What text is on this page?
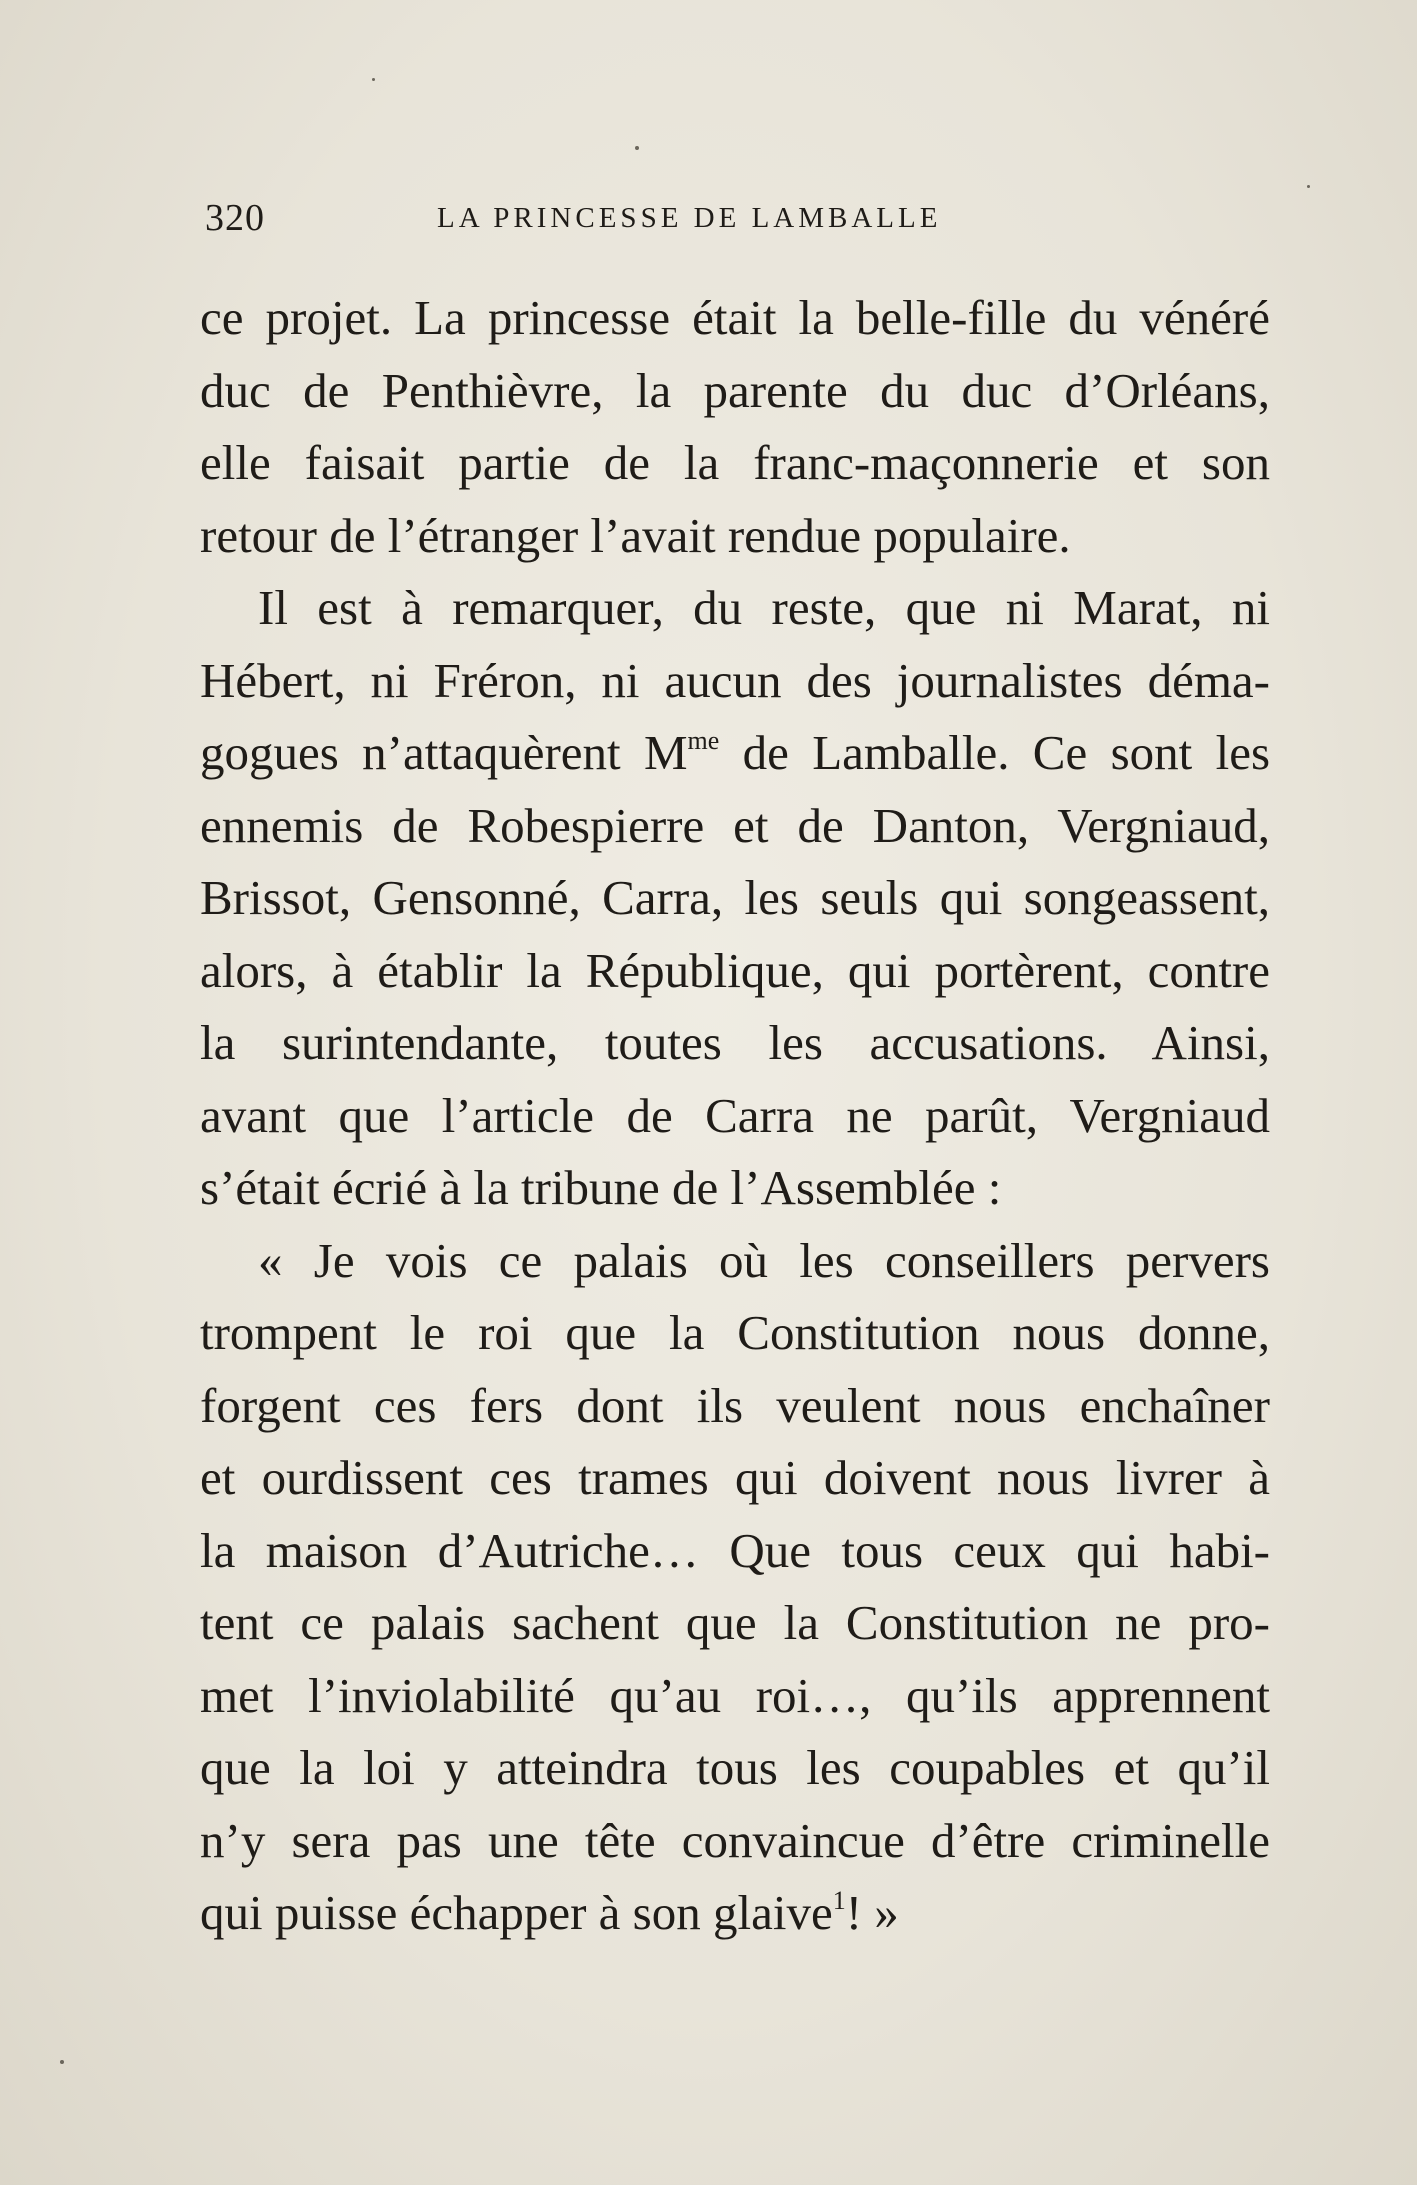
320	LA PRINCESSE DE LAMBALLE
ce projet. La princesse était la belle-fille du vénéré
duc de Penthièvre, la parente du duc d’Orléans,
elle faisait partie de la franc-maçonnerie et son
retour de l’étranger l’avait rendue populaire.
Il est à remarquer, du reste, que ni Marat, ni
Hébert, ni Fréron, ni aucun des journalistes déma-
gogues n’attaquèrent $M^{me}$ de Lamballe. Ce sont les
ennemis de Robespierre et de Danton, Vergniaud,
Brissot, Gensonné, Carra, les seuls qui songeassent,
alors, à établir la République, qui portèrent, contre
la surintendante, toutes les accusations. Ainsi,
avant que l’article de Carra ne parût, Vergniaud
s’était écrié à la tribune de l’Assemblée :
« Je vois ce palais où les conseillers pervers
trompent le roi que la Constitution nous donne,
forgent ces fers dont ils veulent nous enchaîner
et ourdissent ces trames qui doivent nous livrer à
la maison d’Autriche… Que tous ceux qui habi-
tent ce palais sachent que la Constitution ne pro-
met l’inviolabilité qu’au roi…, qu’ils apprennent
que la loi y atteindra tous les coupables et qu’il
n’y sera pas une tête convaincue d’être criminelle
qui puisse échapper à son glaive$^1$! »
